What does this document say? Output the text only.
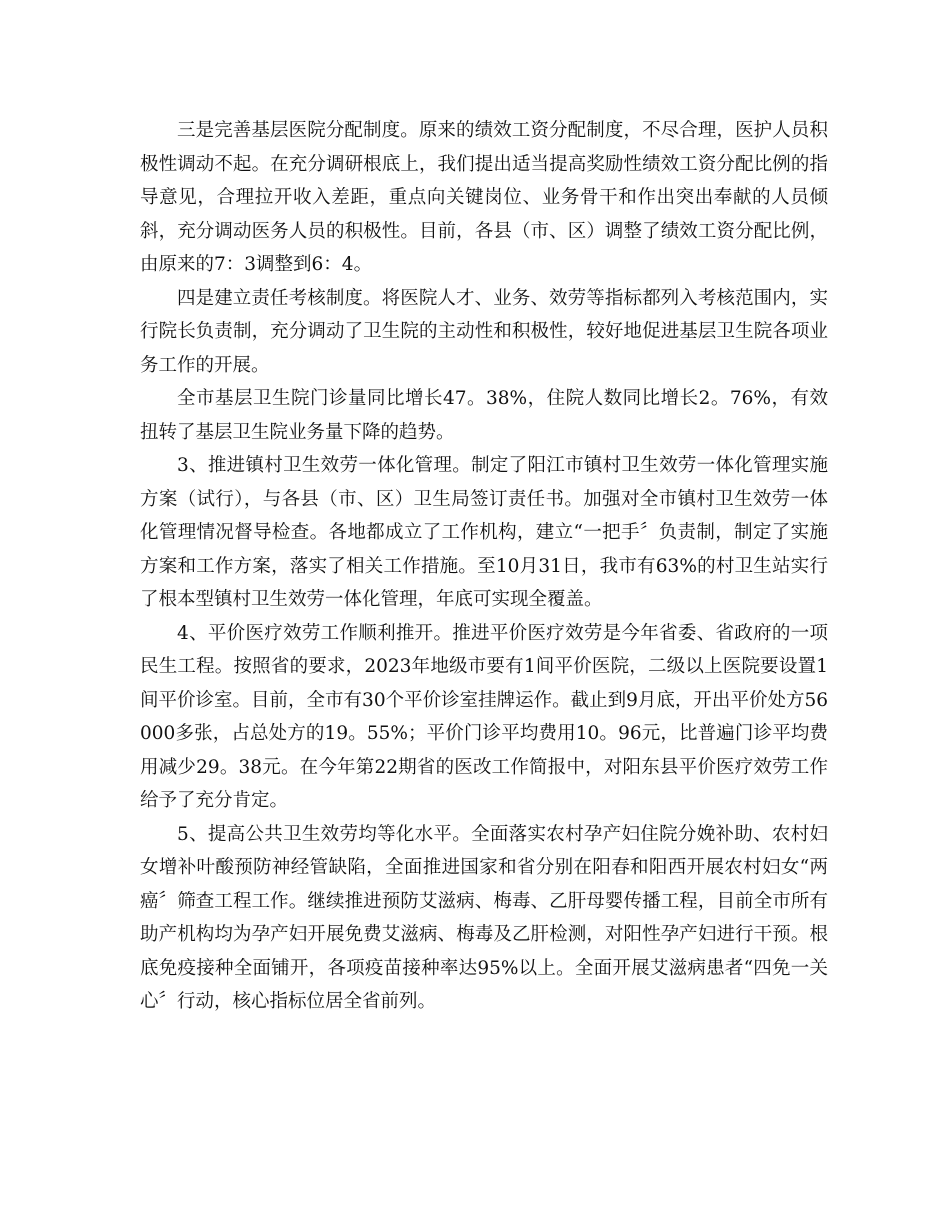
三是完善基层医院分配制度。原来的绩效工资分配制度，不尽合理，医护人员积极性调动不起。在充分调研根底上，我们提出适当提高奖励性绩效工资分配比例的指导意见，合理拉开收入差距，重点向关键岗位、业务骨干和作出突出奉献的人员倾斜，充分调动医务人员的积极性。目前，各县（市、区）调整了绩效工资分配比例，由原来的7：3调整到6：4。

四是建立责任考核制度。将医院人才、业务、效劳等指标都列入考核范围内，实行院长负责制，充分调动了卫生院的主动性和积极性，较好地促进基层卫生院各项业务工作的开展。

全市基层卫生院门诊量同比增长47。38%，住院人数同比增长2。76%，有效扭转了基层卫生院业务量下降的趋势。

3、推进镇村卫生效劳一体化管理。制定了阳江市镇村卫生效劳一体化管理实施方案（试行），与各县（市、区）卫生局签订责任书。加强对全市镇村卫生效劳一体化管理情况督导检查。各地都成立了工作机构，建立“一把手〞负责制，制定了实施方案和工作方案，落实了相关工作措施。至10月31日，我市有63%的村卫生站实行了根本型镇村卫生效劳一体化管理，年底可实现全覆盖。

4、平价医疗效劳工作顺利推开。推进平价医疗效劳是今年省委、省政府的一项民生工程。按照省的要求，2023年地级市要有1间平价医院，二级以上医院要设置1间平价诊室。目前，全市有30个平价诊室挂牌运作。截止到9月底，开出平价处方56000多张，占总处方的19。55%；平价门诊平均费用10。96元，比普遍门诊平均费用减少29。38元。在今年第22期省的医改工作简报中，对阳东县平价医疗效劳工作给予了充分肯定。

5、提高公共卫生效劳均等化水平。全面落实农村孕产妇住院分娩补助、农村妇女增补叶酸预防神经管缺陷，全面推进国家和省分别在阳春和阳西开展农村妇女“两癌〞筛查工程工作。继续推进预防艾滋病、梅毒、乙肝母婴传播工程，目前全市所有助产机构均为孕产妇开展免费艾滋病、梅毒及乙肝检测，对阳性孕产妇进行干预。根底免疫接种全面铺开，各项疫苗接种率达95%以上。全面开展艾滋病患者“四免一关心〞行动，核心指标位居全省前列。
